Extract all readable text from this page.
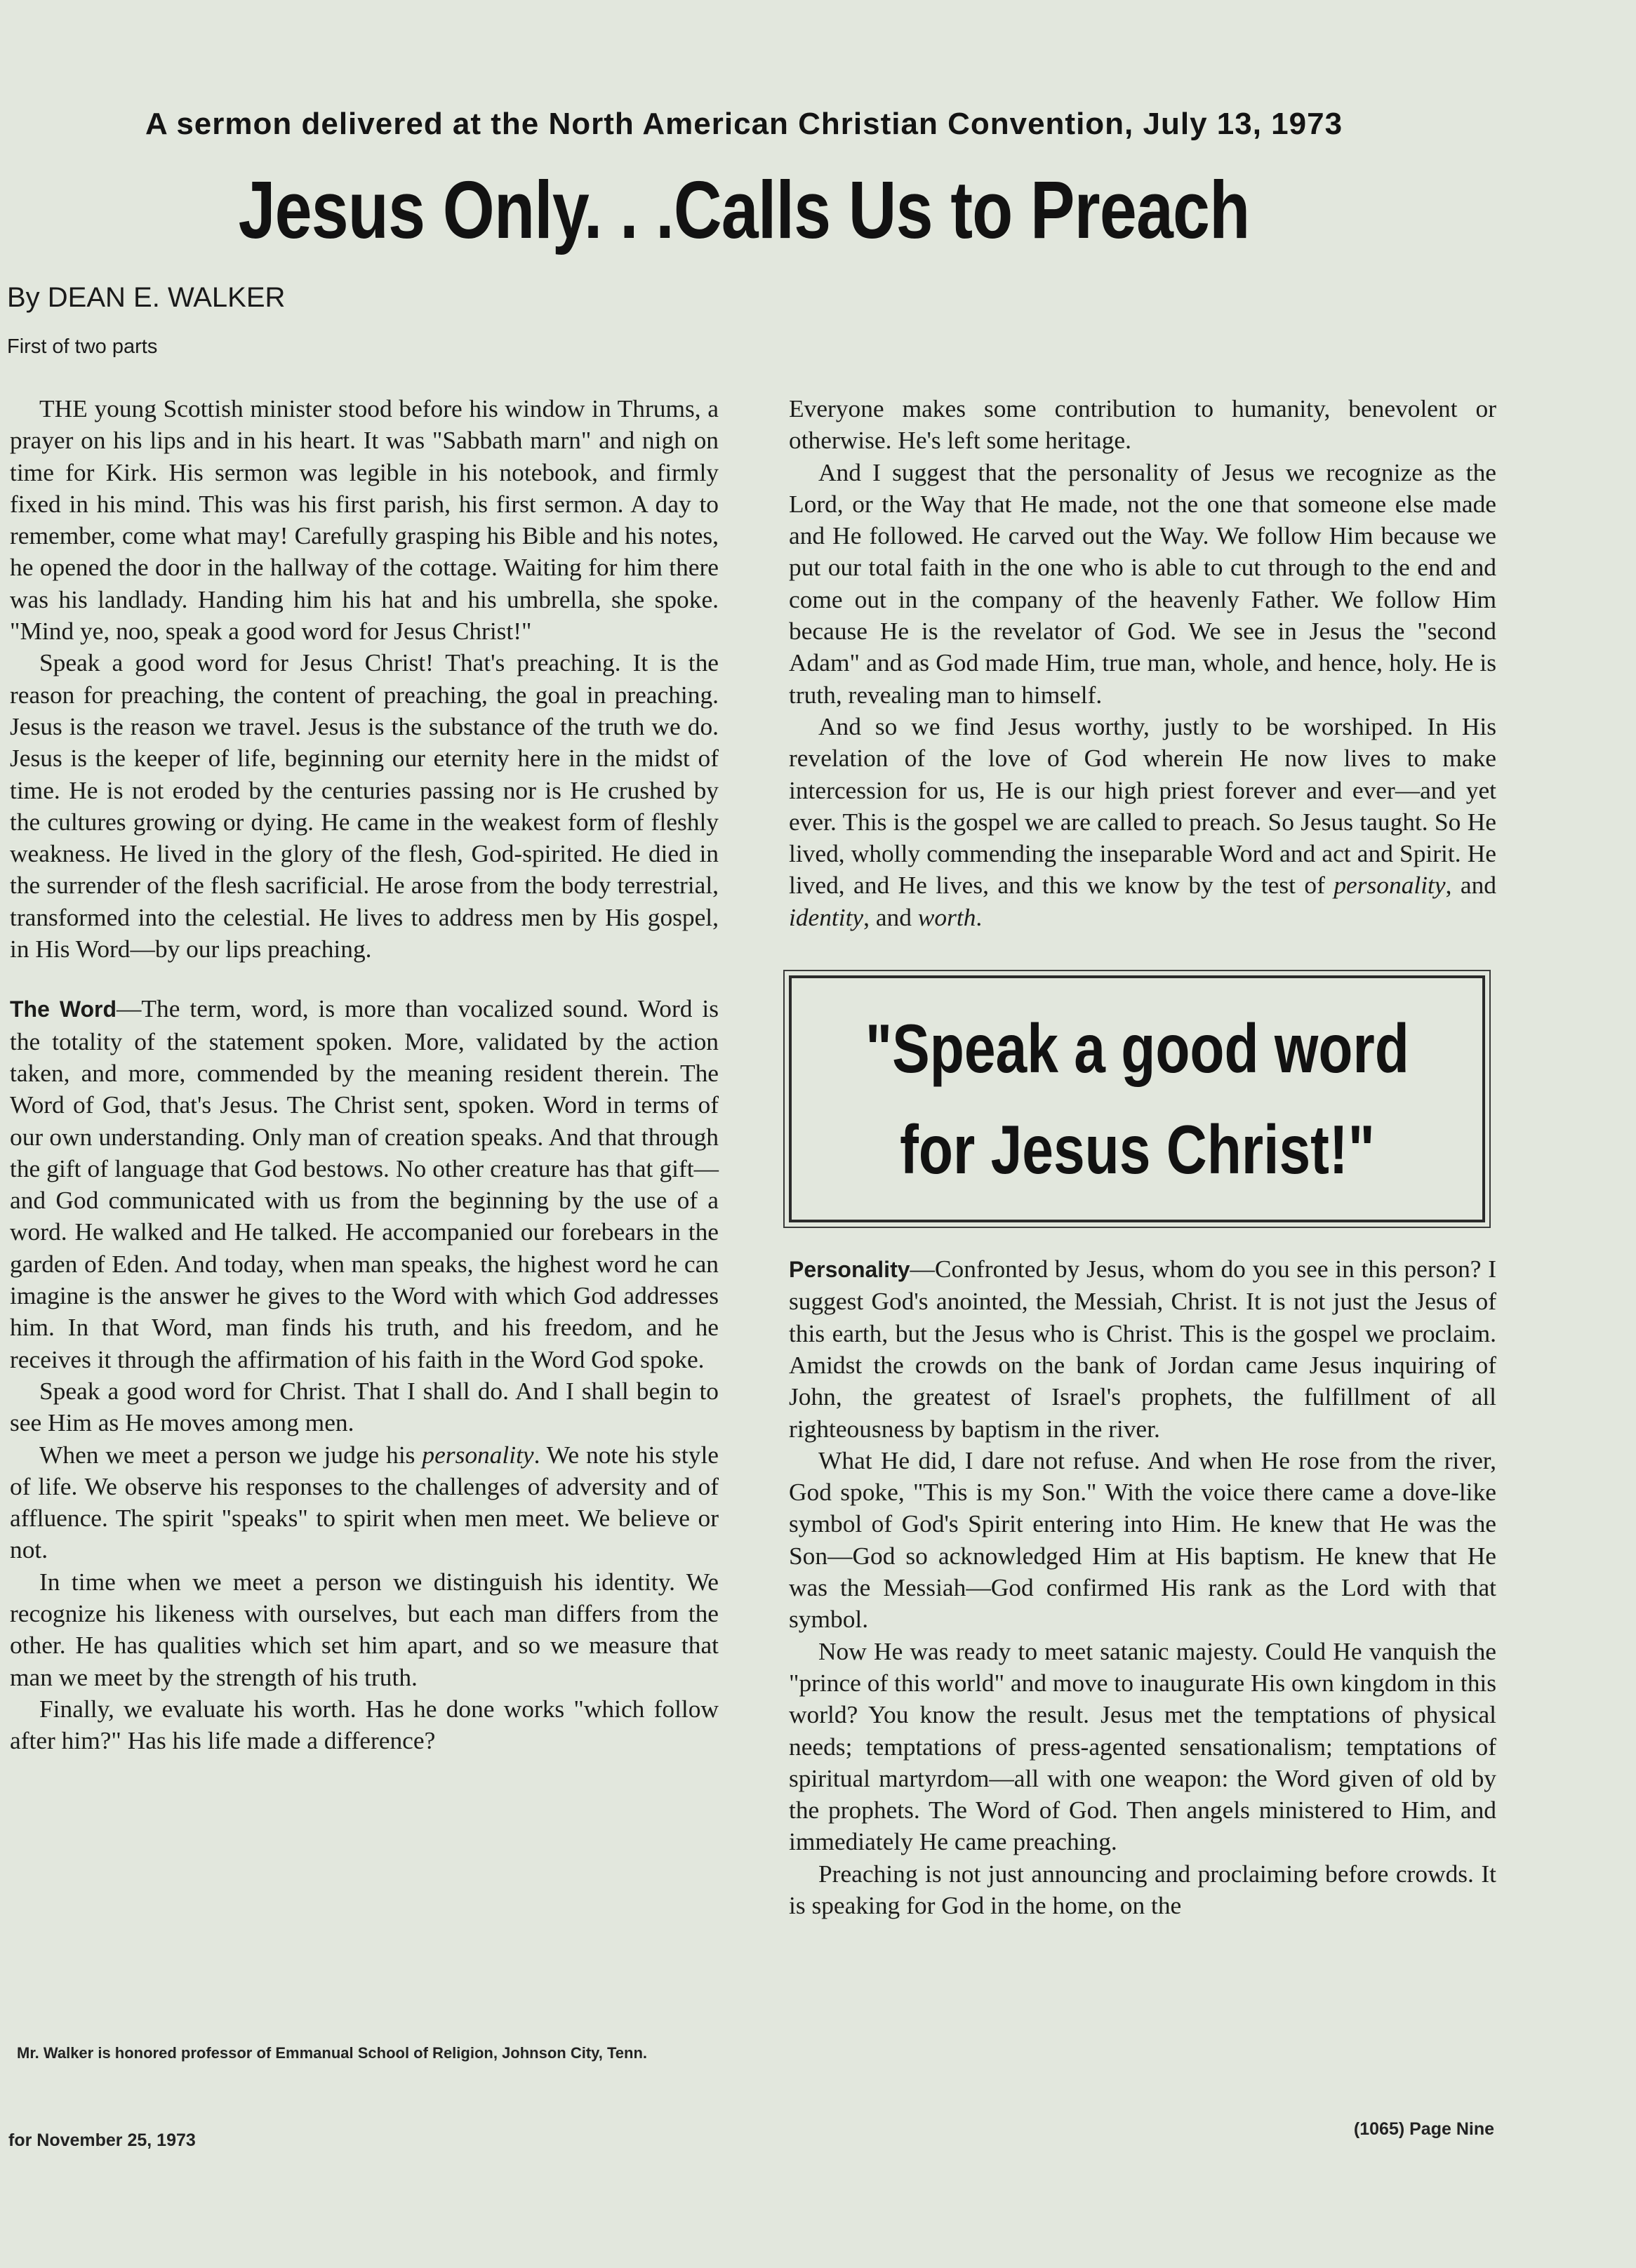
A sermon delivered at the North American Christian Convention, July 13, 1973
Jesus Only. . .Calls Us to Preach
By DEAN E. WALKER
First of two parts

THE young Scottish minister stood before his window in Thrums, a prayer on his lips and in his heart. It was "Sabbath marn" and nigh on time for Kirk. His sermon was legible in his notebook, and firmly fixed in his mind. This was his first parish, his first sermon. A day to remember, come what may! Carefully grasping his Bible and his notes, he opened the door in the hallway of the cottage. Waiting for him there was his landlady. Handing him his hat and his umbrella, she spoke. "Mind ye, noo, speak a good word for Jesus Christ!"

Speak a good word for Jesus Christ! That's preaching. It is the reason for preaching, the content of preaching, the goal in preaching. Jesus is the reason we travel. Jesus is the substance of the truth we do. Jesus is the keeper of life, beginning our eternity here in the midst of time. He is not eroded by the centuries passing nor is He crushed by the cultures growing or dying. He came in the weakest form of fleshly weakness. He lived in the glory of the flesh, God-spirited. He died in the surrender of the flesh sacrificial. He arose from the body terrestrial, transformed into the celestial. He lives to address men by His gospel, in His Word—by our lips preaching.

The Word—The term, word, is more than vocalized sound. Word is the totality of the statement spoken. More, validated by the action taken, and more, commended by the meaning resident therein. The Word of God, that's Jesus. The Christ sent, spoken. Word in terms of our own understanding. Only man of creation speaks. And that through the gift of language that God bestows. No other creature has that gift—and God communicated with us from the beginning by the use of a word. He walked and He talked. He accompanied our forebears in the garden of Eden. And today, when man speaks, the highest word he can imagine is the answer he gives to the Word with which God addresses him. In that Word, man finds his truth, and his freedom, and he receives it through the affirmation of his faith in the Word God spoke.

Speak a good word for Christ. That I shall do. And I shall begin to see Him as He moves among men.

When we meet a person we judge his personality. We note his style of life. We observe his responses to the challenges of adversity and of affluence. The spirit "speaks" to spirit when men meet. We believe or not.

In time when we meet a person we distinguish his identity. We recognize his likeness with ourselves, but each man differs from the other. He has qualities which set him apart, and so we measure that man we meet by the strength of his truth.

Finally, we evaluate his worth. Has he done works "which follow after him?" Has his life made a difference?

Everyone makes some contribution to humanity, benevolent or otherwise. He's left some heritage.

And I suggest that the personality of Jesus we recognize as the Lord, or the Way that He made, not the one that someone else made and He followed. He carved out the Way. We follow Him because we put our total faith in the one who is able to cut through to the end and come out in the company of the heavenly Father. We follow Him because He is the revelator of God. We see in Jesus the "second Adam" and as God made Him, true man, whole, and hence, holy. He is truth, revealing man to himself.

And so we find Jesus worthy, justly to be worshiped. In His revelation of the love of God wherein He now lives to make intercession for us, He is our high priest forever and ever—and yet ever. This is the gospel we are called to preach. So Jesus taught. So He lived, wholly commending the inseparable Word and act and Spirit. He lived, and He lives, and this we know by the test of personality, and identity, and worth.

"Speak a good word
for Jesus Christ!"

Personality—Confronted by Jesus, whom do you see in this person? I suggest God's anointed, the Messiah, Christ. It is not just the Jesus of this earth, but the Jesus who is Christ. This is the gospel we proclaim. Amidst the crowds on the bank of Jordan came Jesus inquiring of John, the greatest of Israel's prophets, the fulfillment of all righteousness by baptism in the river.

What He did, I dare not refuse. And when He rose from the river, God spoke, "This is my Son." With the voice there came a dove-like symbol of God's Spirit entering into Him. He knew that He was the Son—God so acknowledged Him at His baptism. He knew that He was the Messiah—God confirmed His rank as the Lord with that symbol.

Now He was ready to meet satanic majesty. Could He vanquish the "prince of this world" and move to inaugurate His own kingdom in this world? You know the result. Jesus met the temptations of physical needs; temptations of press-agented sensationalism; temptations of spiritual martyrdom—all with one weapon: the Word given of old by the prophets. The Word of God. Then angels ministered to Him, and immediately He came preaching.

Preaching is not just announcing and proclaiming before crowds. It is speaking for God in the home, on the

Mr. Walker is honored professor of Emmanual School of Religion, Johnson City, Tenn.
for November 25, 1973
(1065) Page Nine
